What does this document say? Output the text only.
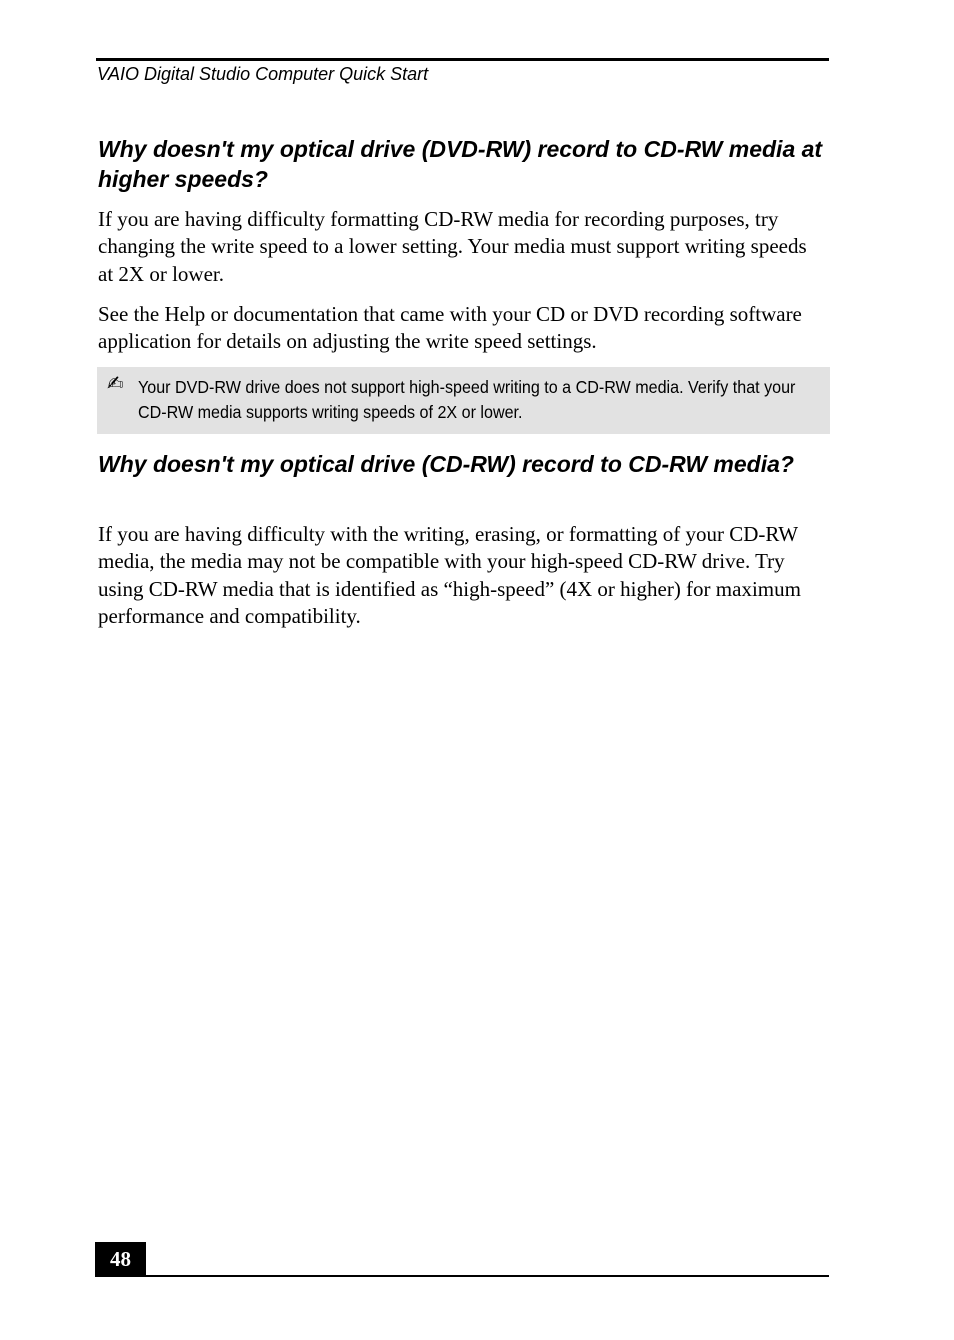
VAIO Digital Studio Computer Quick Start
Why doesn't my optical drive (DVD-RW) record to CD-RW media at higher speeds?

If you are having difficulty formatting CD-RW media for recording purposes, try changing the write speed to a lower setting. Your media must support writing speeds at 2X or lower.

See the Help or documentation that came with your CD or DVD recording software application for details on adjusting the write speed settings.

✍ Your DVD-RW drive does not support high-speed writing to a CD-RW media. Verify that your CD-RW media supports writing speeds of 2X or lower.

Why doesn't my optical drive (CD-RW) record to CD-RW media?

If you are having difficulty with the writing, erasing, or formatting of your CD-RW media, the media may not be compatible with your high-speed CD-RW drive. Try using CD-RW media that is identified as “high-speed” (4X or higher) for maximum performance and compatibility.

48
